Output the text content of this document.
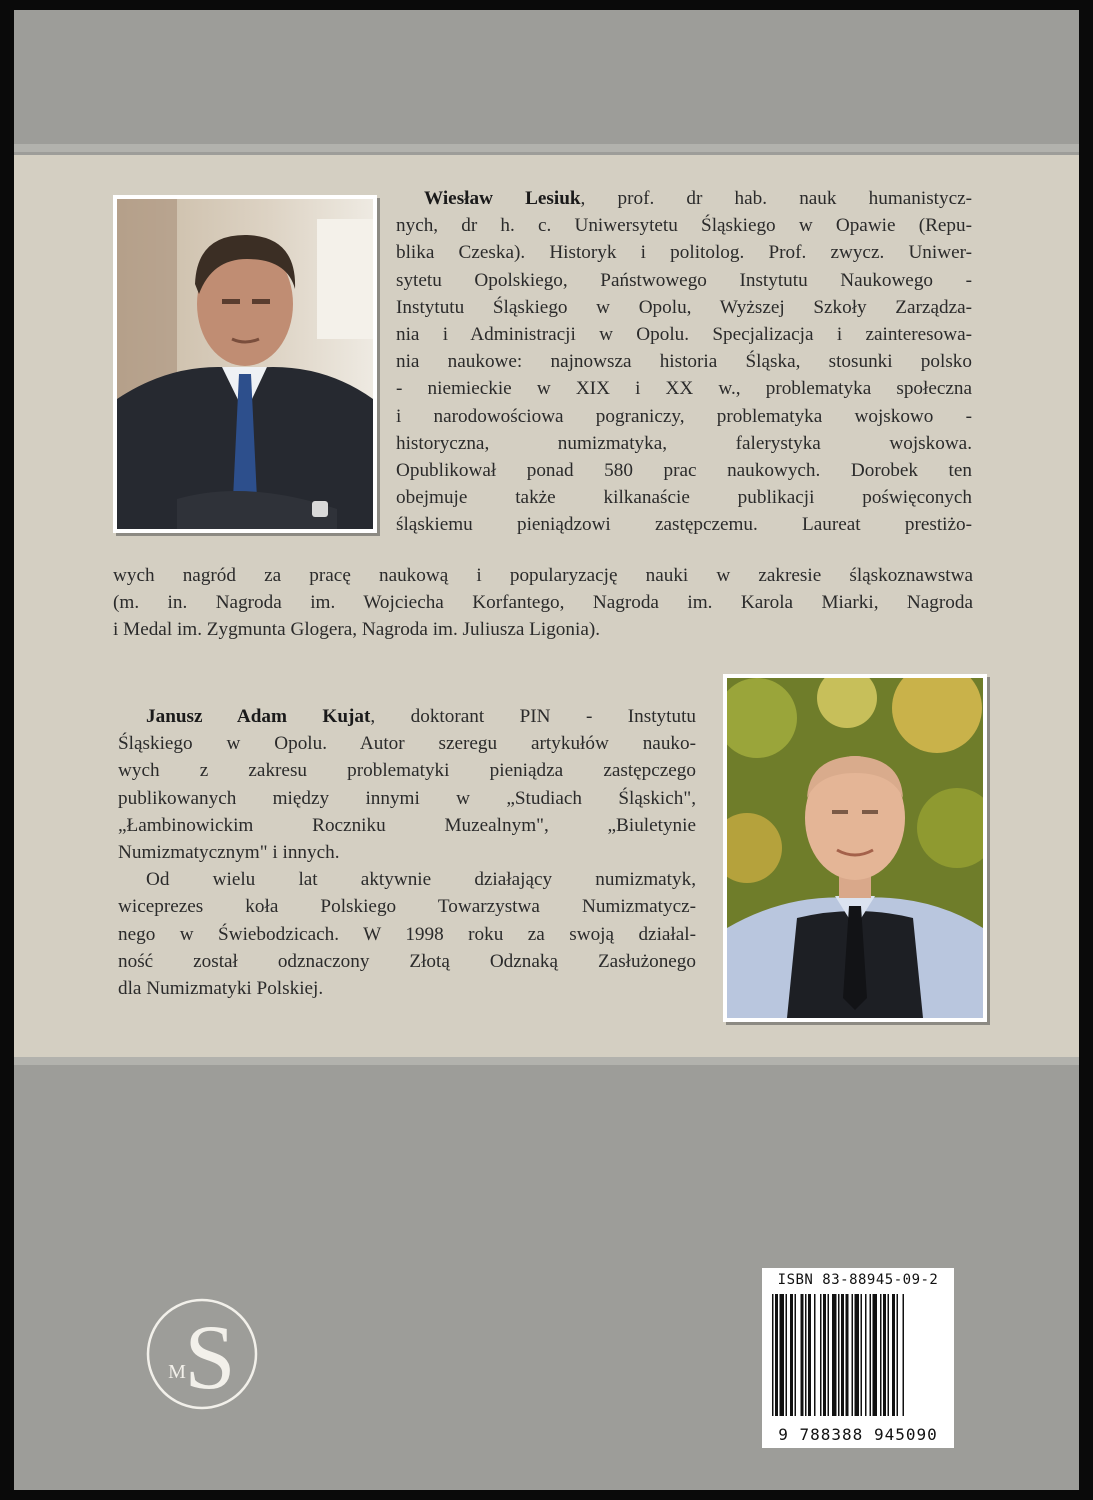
Wiesław Lesiuk, prof. dr hab. nauk humanistycz-

nych, dr h. c. Uniwersytetu Śląskiego w Opawie (Repu-

blika Czeska). Historyk i politolog. Prof. zwycz. Uniwer-

sytetu Opolskiego, Państwowego Instytutu Naukowego -

Instytutu Śląskiego w Opolu, Wyższej Szkoły Zarządza-

nia i Administracji w Opolu. Specjalizacja i zainteresowa-

nia naukowe: najnowsza historia Śląska, stosunki polsko

- niemieckie w XIX i XX w., problematyka społeczna

i narodowościowa pograniczy, problematyka wojskowo -

historyczna, numizmatyka, falerystyka wojskowa.

Opublikował ponad 580 prac naukowych. Dorobek ten

obejmuje także kilkanaście publikacji poświęconych

śląskiemu pieniądzowi zastępczemu. Laureat prestiżo-

wych nagród za pracę naukową i popularyzację nauki w zakresie śląskoznawstwa

(m. in. Nagroda im. Wojciecha Korfantego, Nagroda im. Karola Miarki, Nagroda

i Medal im. Zygmunta Glogera, Nagroda im. Juliusza Ligonia).

Janusz Adam Kujat, doktorant PIN - Instytutu

Śląskiego w Opolu. Autor szeregu artykułów nauko-

wych z zakresu problematyki pieniądza zastępczego

publikowanych między innymi w „Studiach Śląskich",

„Łambinowickim Roczniku Muzealnym", „Biuletynie

Numizmatycznym" i innych.

Od wielu lat aktywnie działający numizmatyk,

wiceprezes koła Polskiego Towarzystwa Numizmatycz-

nego w Świebodzicach. W 1998 roku za swoją działal-

ność został odznaczony Złotą Odznaką Zasłużonego

dla Numizmatyki Polskiej.

S
M
ISBN 83-88945-09-2
9 788388 945090
